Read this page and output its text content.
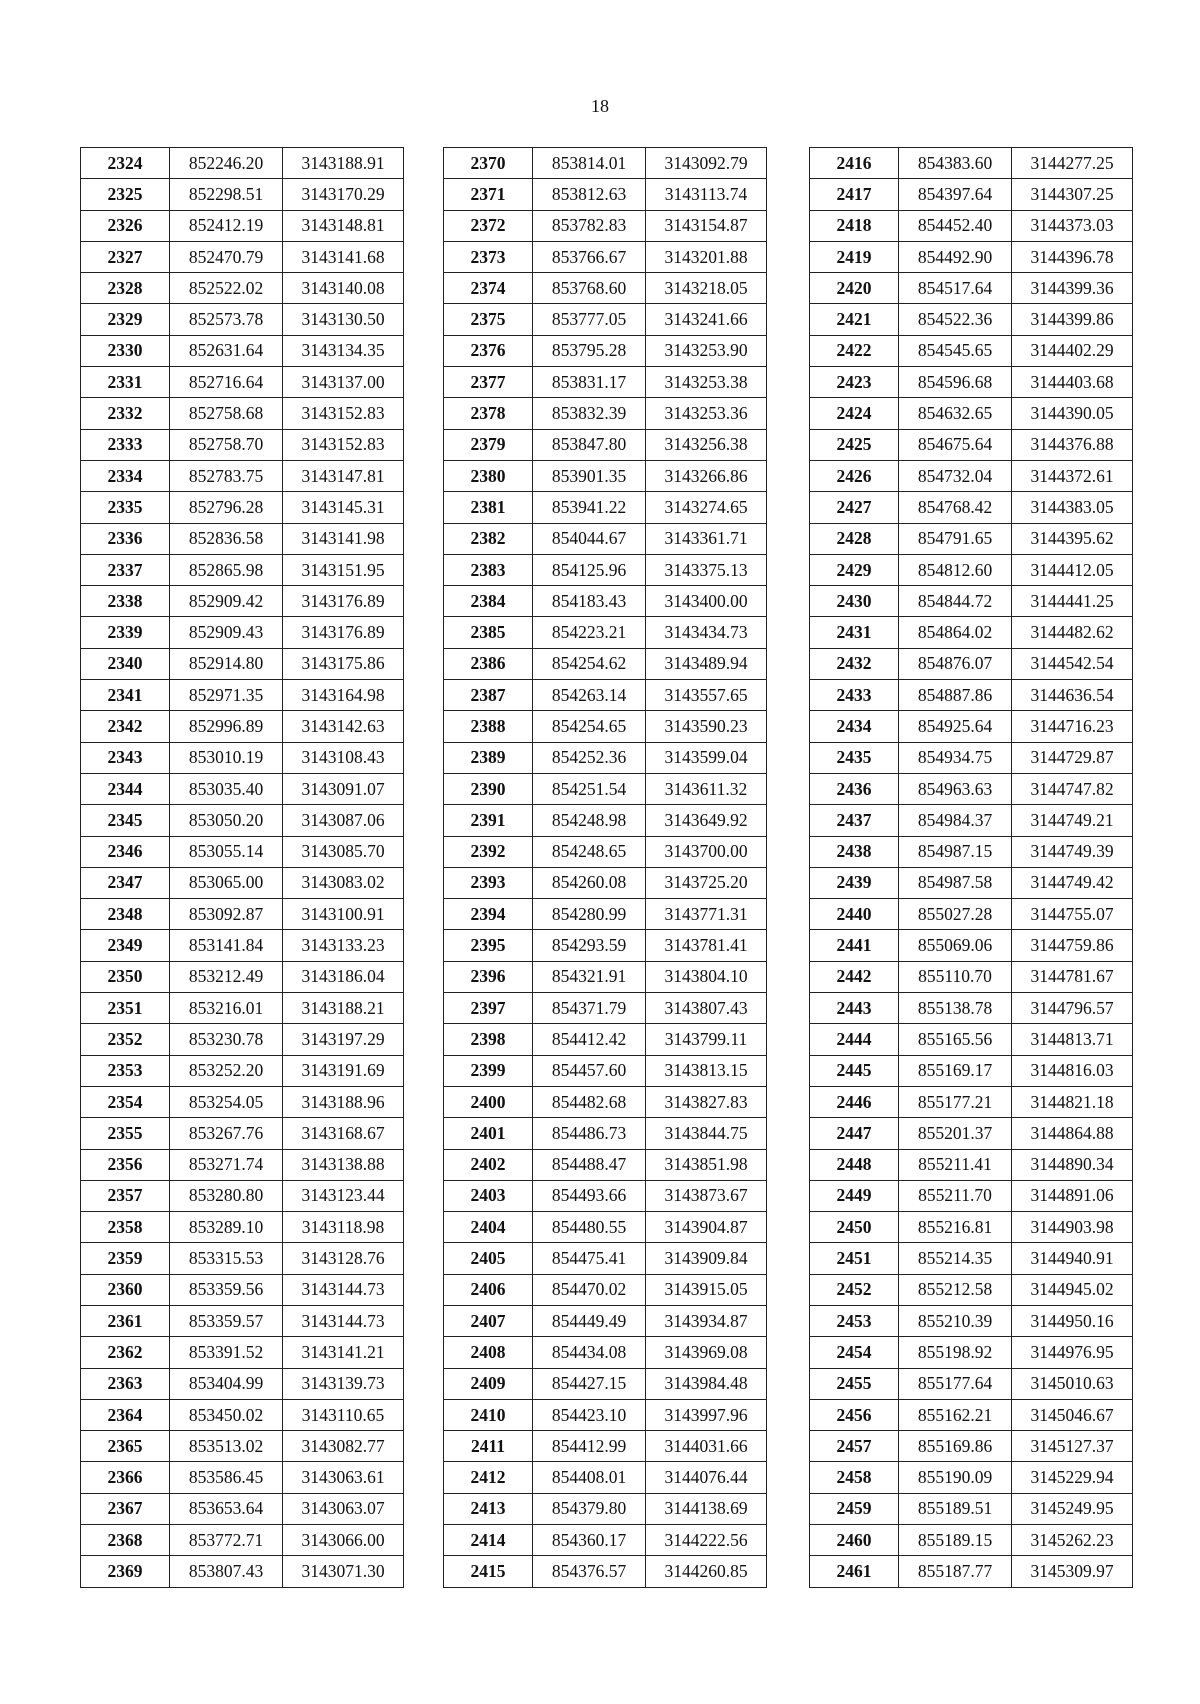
18
2324	852246.20	3143188.91
2325	852298.51	3143170.29
2326	852412.19	3143148.81
2327	852470.79	3143141.68
2328	852522.02	3143140.08
2329	852573.78	3143130.50
2330	852631.64	3143134.35
2331	852716.64	3143137.00
2332	852758.68	3143152.83
2333	852758.70	3143152.83
2334	852783.75	3143147.81
2335	852796.28	3143145.31
2336	852836.58	3143141.98
2337	852865.98	3143151.95
2338	852909.42	3143176.89
2339	852909.43	3143176.89
2340	852914.80	3143175.86
2341	852971.35	3143164.98
2342	852996.89	3143142.63
2343	853010.19	3143108.43
2344	853035.40	3143091.07
2345	853050.20	3143087.06
2346	853055.14	3143085.70
2347	853065.00	3143083.02
2348	853092.87	3143100.91
2349	853141.84	3143133.23
2350	853212.49	3143186.04
2351	853216.01	3143188.21
2352	853230.78	3143197.29
2353	853252.20	3143191.69
2354	853254.05	3143188.96
2355	853267.76	3143168.67
2356	853271.74	3143138.88
2357	853280.80	3143123.44
2358	853289.10	3143118.98
2359	853315.53	3143128.76
2360	853359.56	3143144.73
2361	853359.57	3143144.73
2362	853391.52	3143141.21
2363	853404.99	3143139.73
2364	853450.02	3143110.65
2365	853513.02	3143082.77
2366	853586.45	3143063.61
2367	853653.64	3143063.07
2368	853772.71	3143066.00
2369	853807.43	3143071.30
2370	853814.01	3143092.79
2371	853812.63	3143113.74
2372	853782.83	3143154.87
2373	853766.67	3143201.88
2374	853768.60	3143218.05
2375	853777.05	3143241.66
2376	853795.28	3143253.90
2377	853831.17	3143253.38
2378	853832.39	3143253.36
2379	853847.80	3143256.38
2380	853901.35	3143266.86
2381	853941.22	3143274.65
2382	854044.67	3143361.71
2383	854125.96	3143375.13
2384	854183.43	3143400.00
2385	854223.21	3143434.73
2386	854254.62	3143489.94
2387	854263.14	3143557.65
2388	854254.65	3143590.23
2389	854252.36	3143599.04
2390	854251.54	3143611.32
2391	854248.98	3143649.92
2392	854248.65	3143700.00
2393	854260.08	3143725.20
2394	854280.99	3143771.31
2395	854293.59	3143781.41
2396	854321.91	3143804.10
2397	854371.79	3143807.43
2398	854412.42	3143799.11
2399	854457.60	3143813.15
2400	854482.68	3143827.83
2401	854486.73	3143844.75
2402	854488.47	3143851.98
2403	854493.66	3143873.67
2404	854480.55	3143904.87
2405	854475.41	3143909.84
2406	854470.02	3143915.05
2407	854449.49	3143934.87
2408	854434.08	3143969.08
2409	854427.15	3143984.48
2410	854423.10	3143997.96
2411	854412.99	3144031.66
2412	854408.01	3144076.44
2413	854379.80	3144138.69
2414	854360.17	3144222.56
2415	854376.57	3144260.85
2416	854383.60	3144277.25
2417	854397.64	3144307.25
2418	854452.40	3144373.03
2419	854492.90	3144396.78
2420	854517.64	3144399.36
2421	854522.36	3144399.86
2422	854545.65	3144402.29
2423	854596.68	3144403.68
2424	854632.65	3144390.05
2425	854675.64	3144376.88
2426	854732.04	3144372.61
2427	854768.42	3144383.05
2428	854791.65	3144395.62
2429	854812.60	3144412.05
2430	854844.72	3144441.25
2431	854864.02	3144482.62
2432	854876.07	3144542.54
2433	854887.86	3144636.54
2434	854925.64	3144716.23
2435	854934.75	3144729.87
2436	854963.63	3144747.82
2437	854984.37	3144749.21
2438	854987.15	3144749.39
2439	854987.58	3144749.42
2440	855027.28	3144755.07
2441	855069.06	3144759.86
2442	855110.70	3144781.67
2443	855138.78	3144796.57
2444	855165.56	3144813.71
2445	855169.17	3144816.03
2446	855177.21	3144821.18
2447	855201.37	3144864.88
2448	855211.41	3144890.34
2449	855211.70	3144891.06
2450	855216.81	3144903.98
2451	855214.35	3144940.91
2452	855212.58	3144945.02
2453	855210.39	3144950.16
2454	855198.92	3144976.95
2455	855177.64	3145010.63
2456	855162.21	3145046.67
2457	855169.86	3145127.37
2458	855190.09	3145229.94
2459	855189.51	3145249.95
2460	855189.15	3145262.23
2461	855187.77	3145309.97
